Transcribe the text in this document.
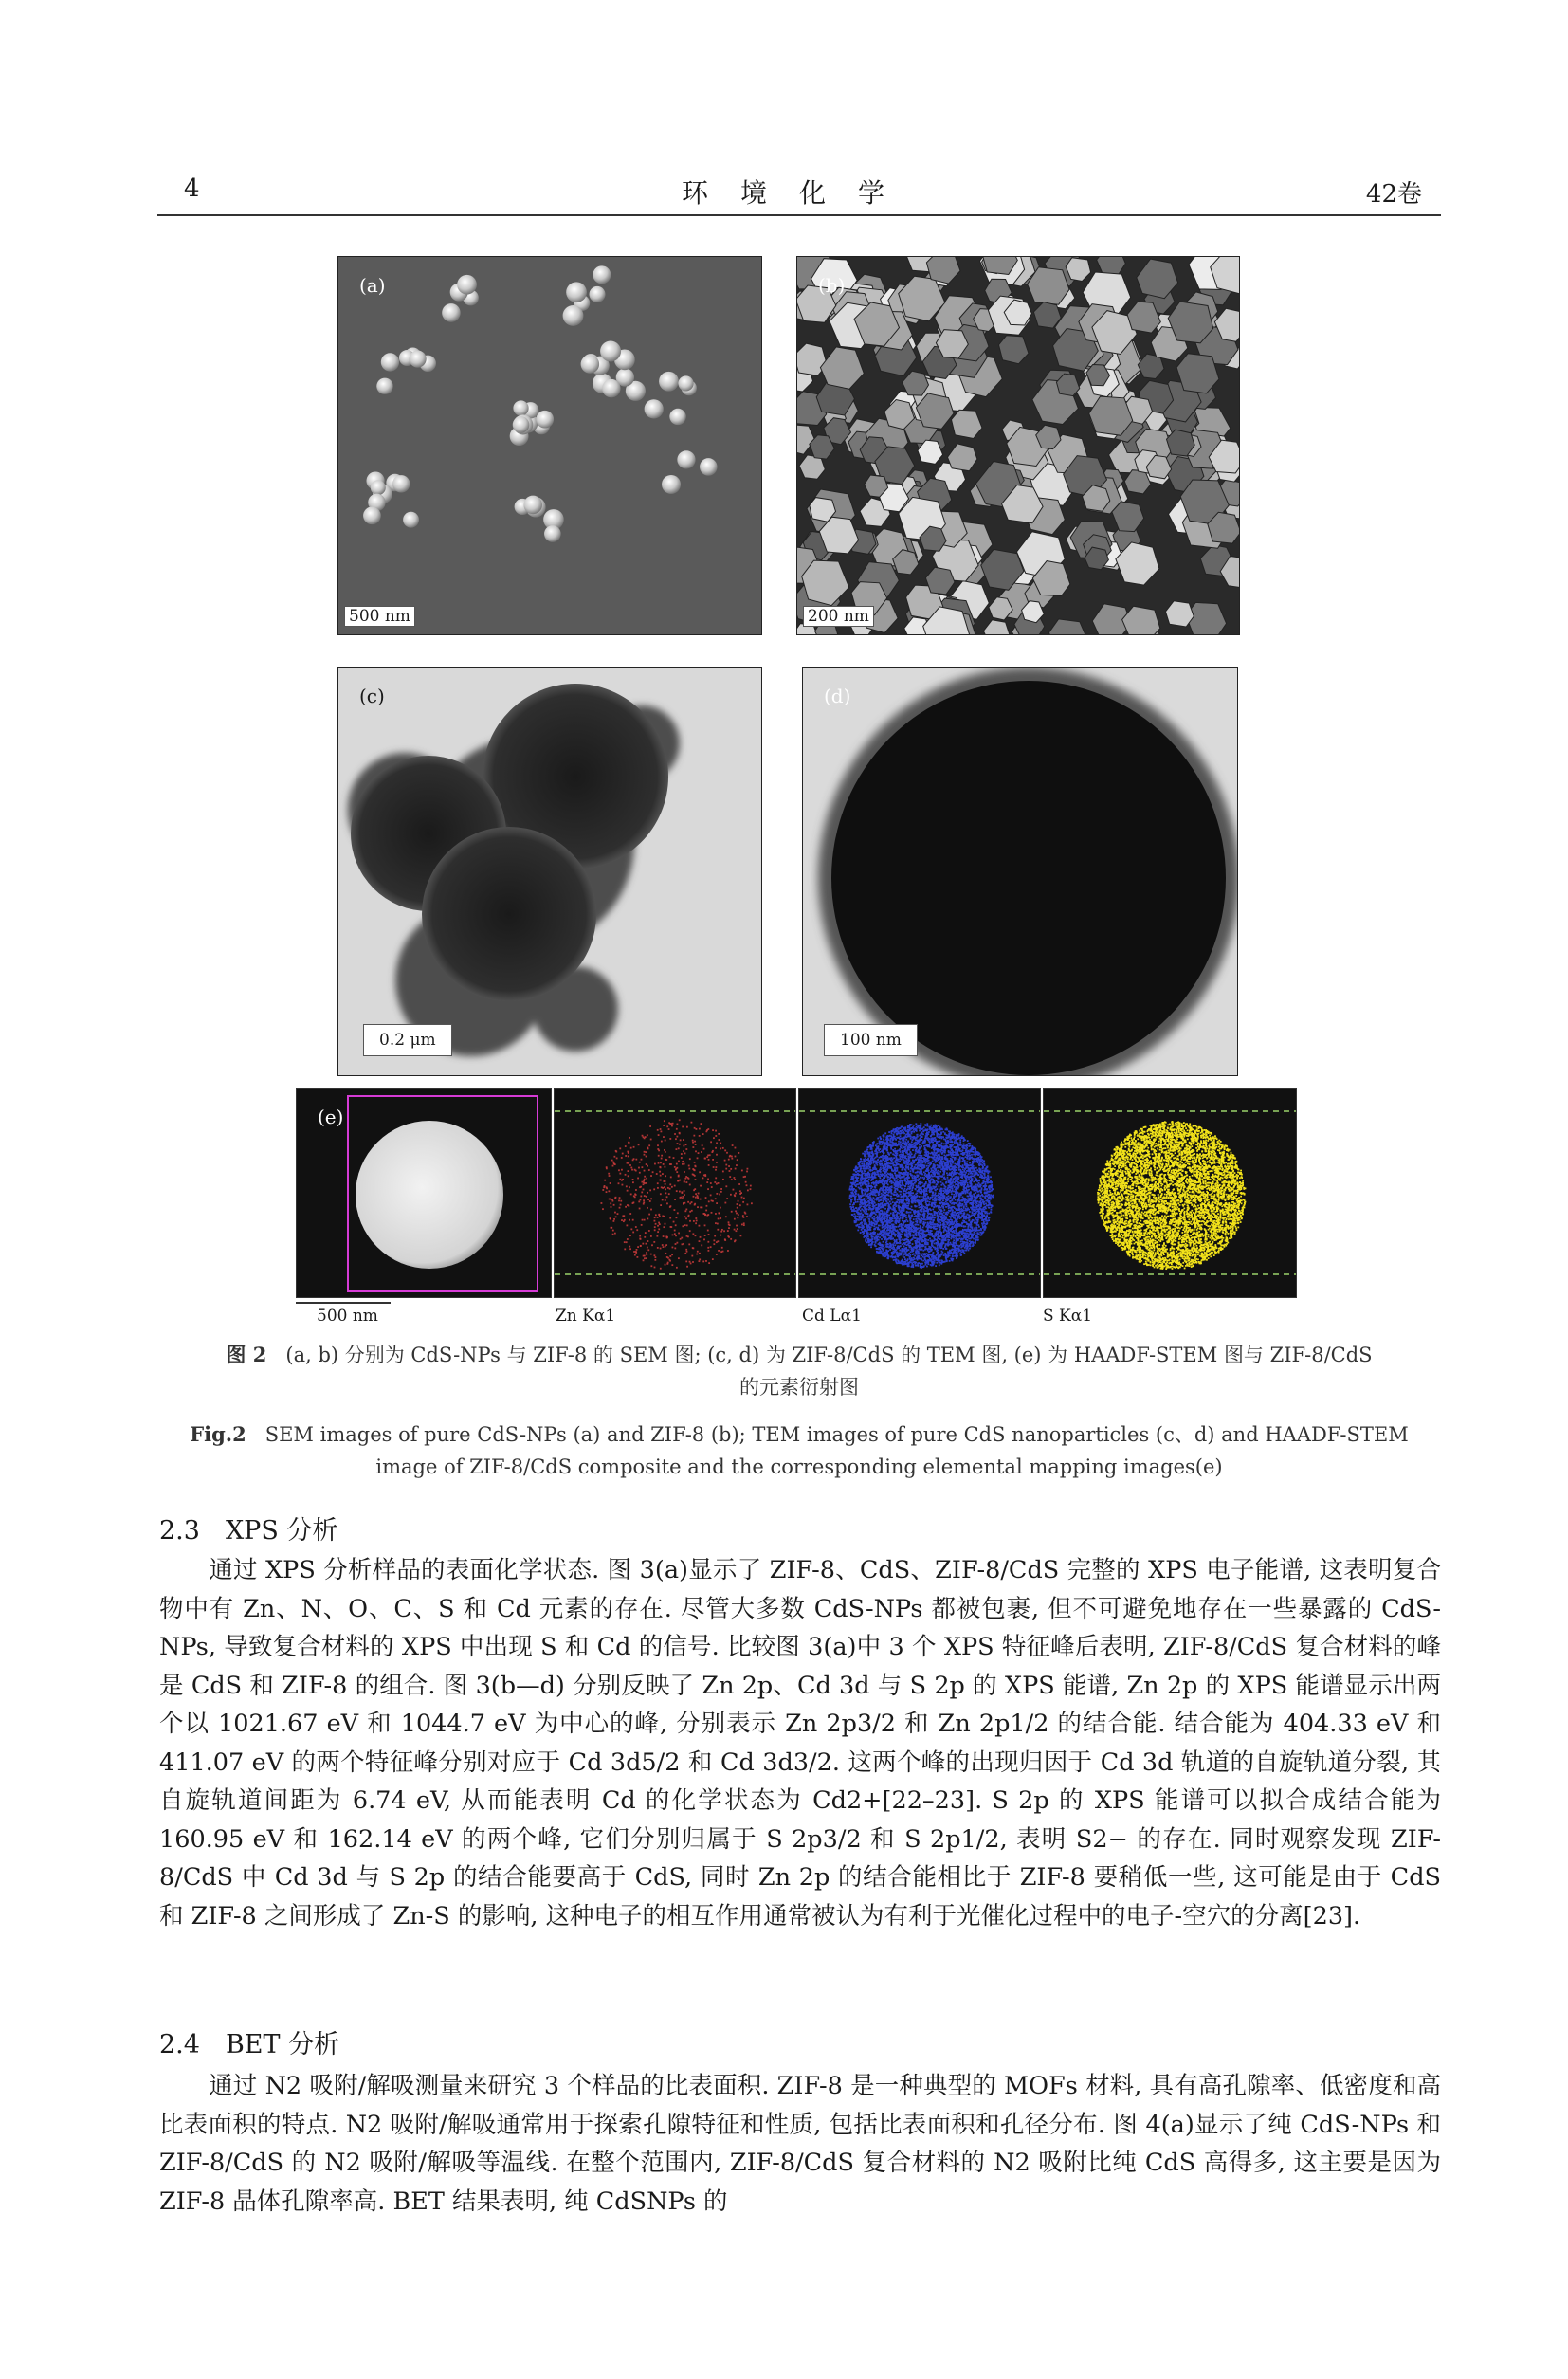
4	环境化学	42卷
(a)
500 nm
(b)
200 nm
(c)
0.2 μm
(d)
100 nm
(e)
500 nm	Zn Kα1	Cd Lα1	S Kα1
图 2 (a, b) 分别为 CdS-NPs 与 ZIF-8 的 SEM 图; (c, d) 为 ZIF-8/CdS 的 TEM 图, (e) 为 HAADF-STEM 图与 ZIF-8/CdS
的元素衍射图
Fig.2 SEM images of pure CdS-NPs (a) and ZIF-8 (b); TEM images of pure CdS nanoparticles (c、d) and HAADF-STEM
image of ZIF-8/CdS composite and the corresponding elemental mapping images(e)
2.3 XPS 分析
通过 XPS 分析样品的表面化学状态. 图 3(a)显示了 ZIF-8、CdS、ZIF-8/CdS 完整的 XPS 电子能谱, 这表明复合物中有 Zn、N、O、C、S 和 Cd 元素的存在. 尽管大多数 CdS-NPs 都被包裹, 但不可避免地存在一些暴露的 CdS-NPs, 导致复合材料的 XPS 中出现 S 和 Cd 的信号. 比较图 3(a)中 3 个 XPS 特征峰后表明, ZIF-8/CdS 复合材料的峰是 CdS 和 ZIF-8 的组合. 图 3(b—d) 分别反映了 Zn 2p、Cd 3d 与 S 2p 的 XPS 能谱, Zn 2p 的 XPS 能谱显示出两个以 1021.67 eV 和 1044.7 eV 为中心的峰, 分别表示 Zn 2p3/2 和 Zn 2p1/2 的结合能. 结合能为 404.33 eV 和 411.07 eV 的两个特征峰分别对应于 Cd 3d5/2 和 Cd 3d3/2. 这两个峰的出现归因于 Cd 3d 轨道的自旋轨道分裂, 其自旋轨道间距为 6.74 eV, 从而能表明 Cd 的化学状态为 Cd2+[22–23]. S 2p 的 XPS 能谱可以拟合成结合能为 160.95 eV 和 162.14 eV 的两个峰, 它们分别归属于 S 2p3/2 和 S 2p1/2, 表明 S2− 的存在. 同时观察发现 ZIF-8/CdS 中 Cd 3d 与 S 2p 的结合能要高于 CdS, 同时 Zn 2p 的结合能相比于 ZIF-8 要稍低一些, 这可能是由于 CdS 和 ZIF-8 之间形成了 Zn-S 的影响, 这种电子的相互作用通常被认为有利于光催化过程中的电子-空穴的分离[23].
2.4 BET 分析
通过 N2 吸附/解吸测量来研究 3 个样品的比表面积. ZIF-8 是一种典型的 MOFs 材料, 具有高孔隙率、低密度和高比表面积的特点. N2 吸附/解吸通常用于探索孔隙特征和性质, 包括比表面积和孔径分布. 图 4(a)显示了纯 CdS-NPs 和 ZIF-8/CdS 的 N2 吸附/解吸等温线. 在整个范围内, ZIF-8/CdS 复合材料的 N2 吸附比纯 CdS 高得多, 这主要是因为 ZIF-8 晶体孔隙率高. BET 结果表明, 纯 CdSNPs 的
